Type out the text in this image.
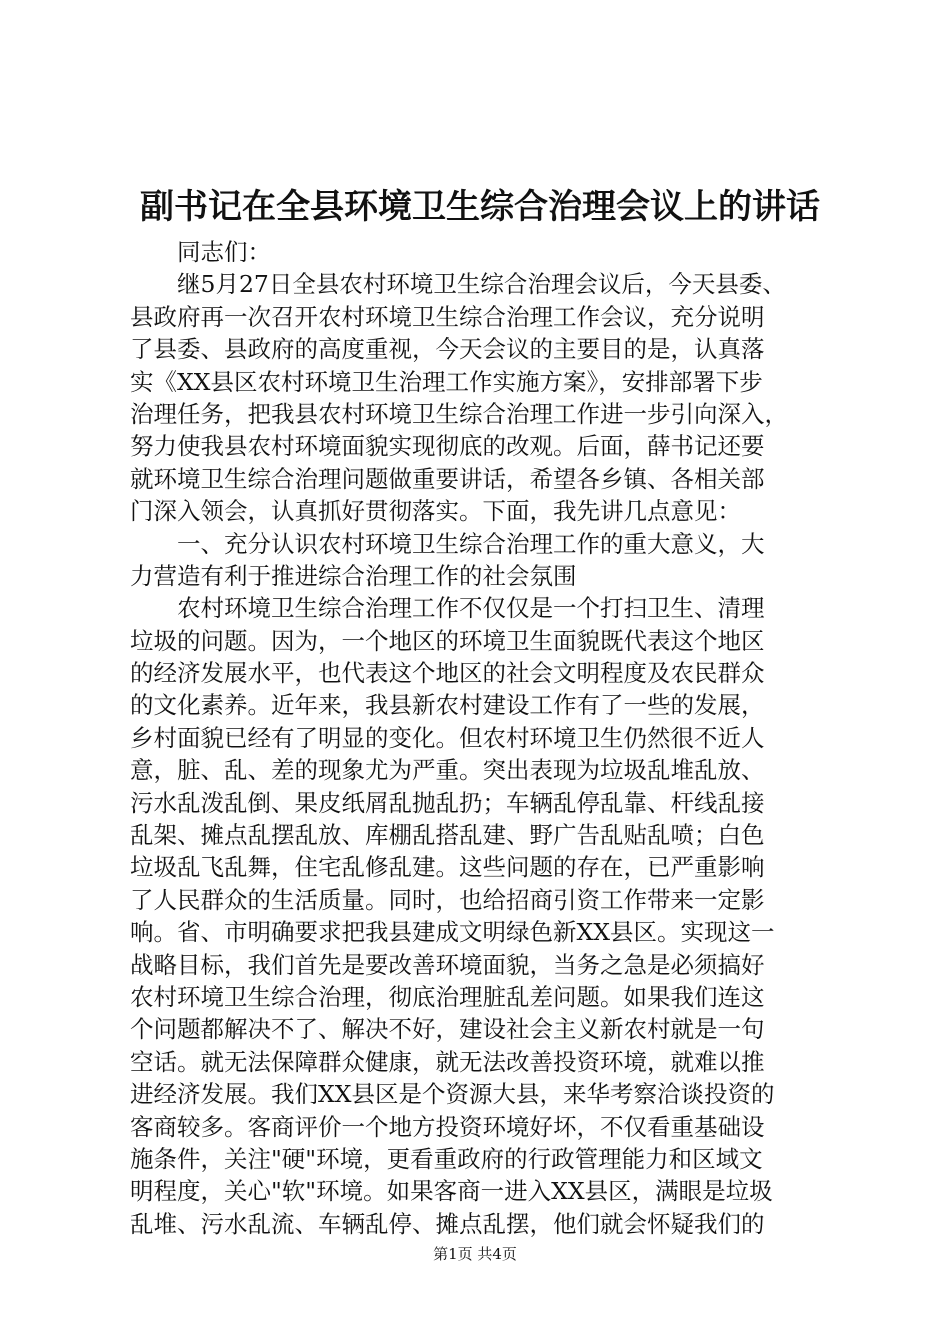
副书记在全县环境卫生综合治理会议上的讲话
　　同志们：
　　继5月27日全县农村环境卫生综合治理会议后，今天县委、
县政府再一次召开农村环境卫生综合治理工作会议，充分说明
了县委、县政府的高度重视，今天会议的主要目的是，认真落
实《XX县区农村环境卫生治理工作实施方案》，安排部署下步
治理任务，把我县农村环境卫生综合治理工作进一步引向深入，
努力使我县农村环境面貌实现彻底的改观。后面，薛书记还要
就环境卫生综合治理问题做重要讲话，希望各乡镇、各相关部
门深入领会，认真抓好贯彻落实。下面，我先讲几点意见：
　　一、充分认识农村环境卫生综合治理工作的重大意义，大
力营造有利于推进综合治理工作的社会氛围
　　农村环境卫生综合治理工作不仅仅是一个打扫卫生、清理
垃圾的问题。因为，一个地区的环境卫生面貌既代表这个地区
的经济发展水平，也代表这个地区的社会文明程度及农民群众
的文化素养。近年来，我县新农村建设工作有了一些的发展，
乡村面貌已经有了明显的变化。但农村环境卫生仍然很不近人
意，脏、乱、差的现象尤为严重。突出表现为垃圾乱堆乱放、
污水乱泼乱倒、果皮纸屑乱抛乱扔；车辆乱停乱靠、杆线乱接
乱架、摊点乱摆乱放、库棚乱搭乱建、野广告乱贴乱喷；白色
垃圾乱飞乱舞，住宅乱修乱建。这些问题的存在，已严重影响
了人民群众的生活质量。同时，也给招商引资工作带来一定影
响。省、市明确要求把我县建成文明绿色新XX县区。实现这一
战略目标，我们首先是要改善环境面貌，当务之急是必须搞好
农村环境卫生综合治理，彻底治理脏乱差问题。如果我们连这
个问题都解决不了、解决不好，建设社会主义新农村就是一句
空话。就无法保障群众健康，就无法改善投资环境，就难以推
进经济发展。我们XX县区是个资源大县，来华考察洽谈投资的
客商较多。客商评价一个地方投资环境好坏，不仅看重基础设
施条件，关注"硬"环境，更看重政府的行政管理能力和区域文
明程度，关心"软"环境。如果客商一进入XX县区，满眼是垃圾
乱堆、污水乱流、车辆乱停、摊点乱摆，他们就会怀疑我们的
第1页 共4页
